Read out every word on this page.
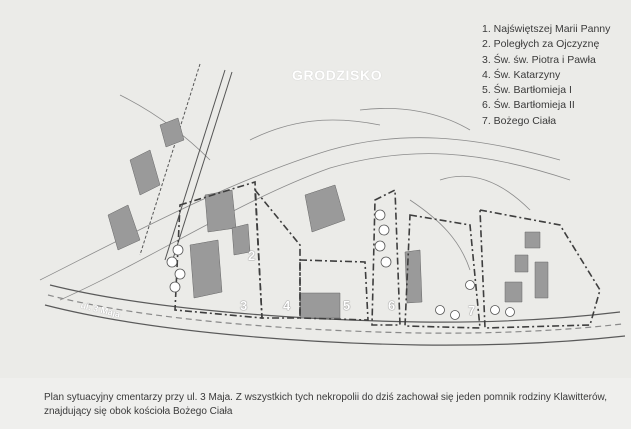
GRODZISKO
1. Najświętszej Marii Panny
2. Poległych za Ojczyznę
3. Św. św. Piotra i Pawła
4. Św. Katarzyny
5. Św. Bartłomieja I
6. Św. Bartłomieja II
7. Bożego Ciała
2
3	4	5	6	7
ul. 3 Maja
Plan sytuacyjny cmentarzy przy ul. 3 Maja. Z wszystkich tych nekropolii do dziś zachował się jeden pomnik rodziny Klawitterów,
znajdujący się obok kościoła Bożego Ciała
